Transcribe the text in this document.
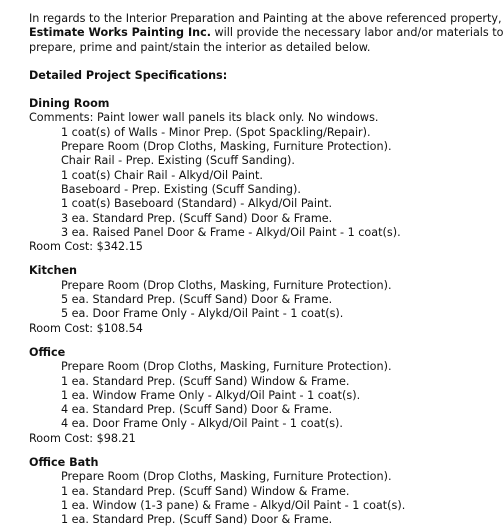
In regards to the Interior Preparation and Painting at the above referenced property,
Estimate Works Painting Inc. will provide the necessary labor and/or materials to
prepare, prime and paint/stain the interior as detailed below.
Detailed Project Specifications:
Dining Room
Comments: Paint lower wall panels its black only. No windows.
1 coat(s) of Walls - Minor Prep. (Spot Spackling/Repair).
Prepare Room (Drop Cloths, Masking, Furniture Protection).
Chair Rail - Prep. Existing (Scuff Sanding).
1 coat(s) Chair Rail - Alkyd/Oil Paint.
Baseboard - Prep. Existing (Scuff Sanding).
1 coat(s) Baseboard (Standard) - Alkyd/Oil Paint.
3 ea. Standard Prep. (Scuff Sand) Door & Frame.
3 ea. Raised Panel Door & Frame - Alkyd/Oil Paint - 1 coat(s).
Room Cost: $342.15
Kitchen
Prepare Room (Drop Cloths, Masking, Furniture Protection).
5 ea. Standard Prep. (Scuff Sand) Door & Frame.
5 ea. Door Frame Only - Alykd/Oil Paint - 1 coat(s).
Room Cost: $108.54
Office
Prepare Room (Drop Cloths, Masking, Furniture Protection).
1 ea. Standard Prep. (Scuff Sand) Window & Frame.
1 ea. Window Frame Only - Alkyd/Oil Paint - 1 coat(s).
4 ea. Standard Prep. (Scuff Sand) Door & Frame.
4 ea. Door Frame Only - Alkyd/Oil Paint - 1 coat(s).
Room Cost: $98.21
Office Bath
Prepare Room (Drop Cloths, Masking, Furniture Protection).
1 ea. Standard Prep. (Scuff Sand) Window & Frame.
1 ea. Window (1-3 pane) & Frame - Alkyd/Oil Paint - 1 coat(s).
1 ea. Standard Prep. (Scuff Sand) Door & Frame.
